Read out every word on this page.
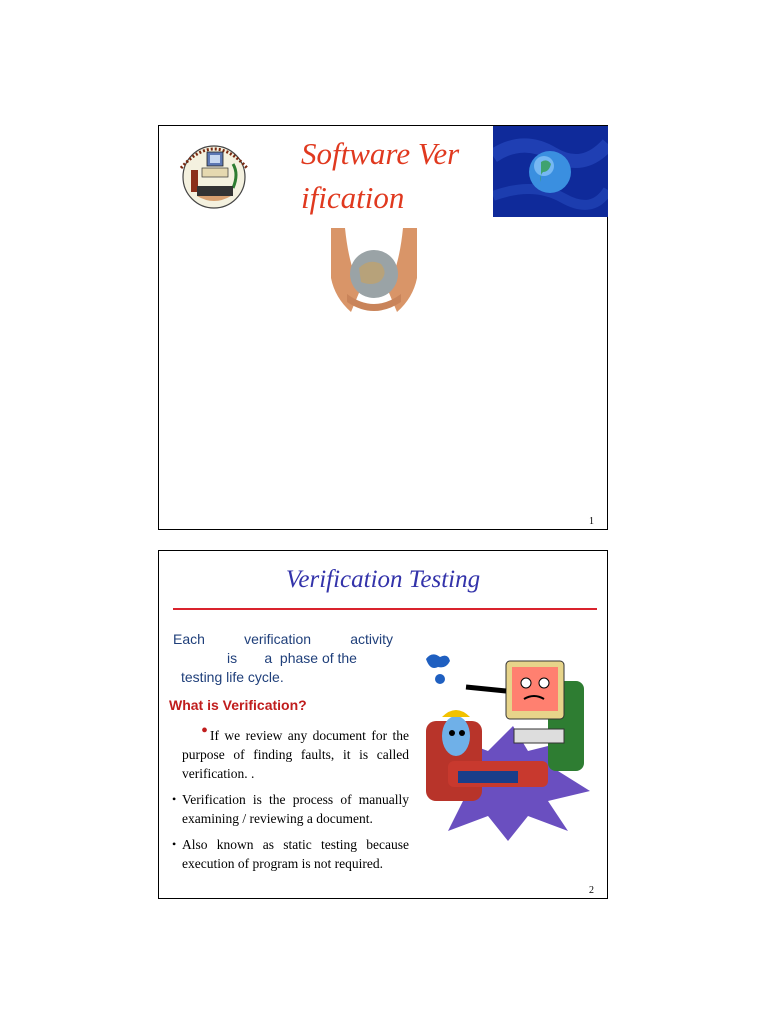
Software Verification
1
Verification Testing
Each	verification	activity
is       a  phase of the
testing life cycle.
What is Verification?
• If we review any document for the purpose of finding faults, it is called verification. .
• Verification is the process of manually examining / reviewing a document.
• Also known as static testing because execution of program is not required.
2
